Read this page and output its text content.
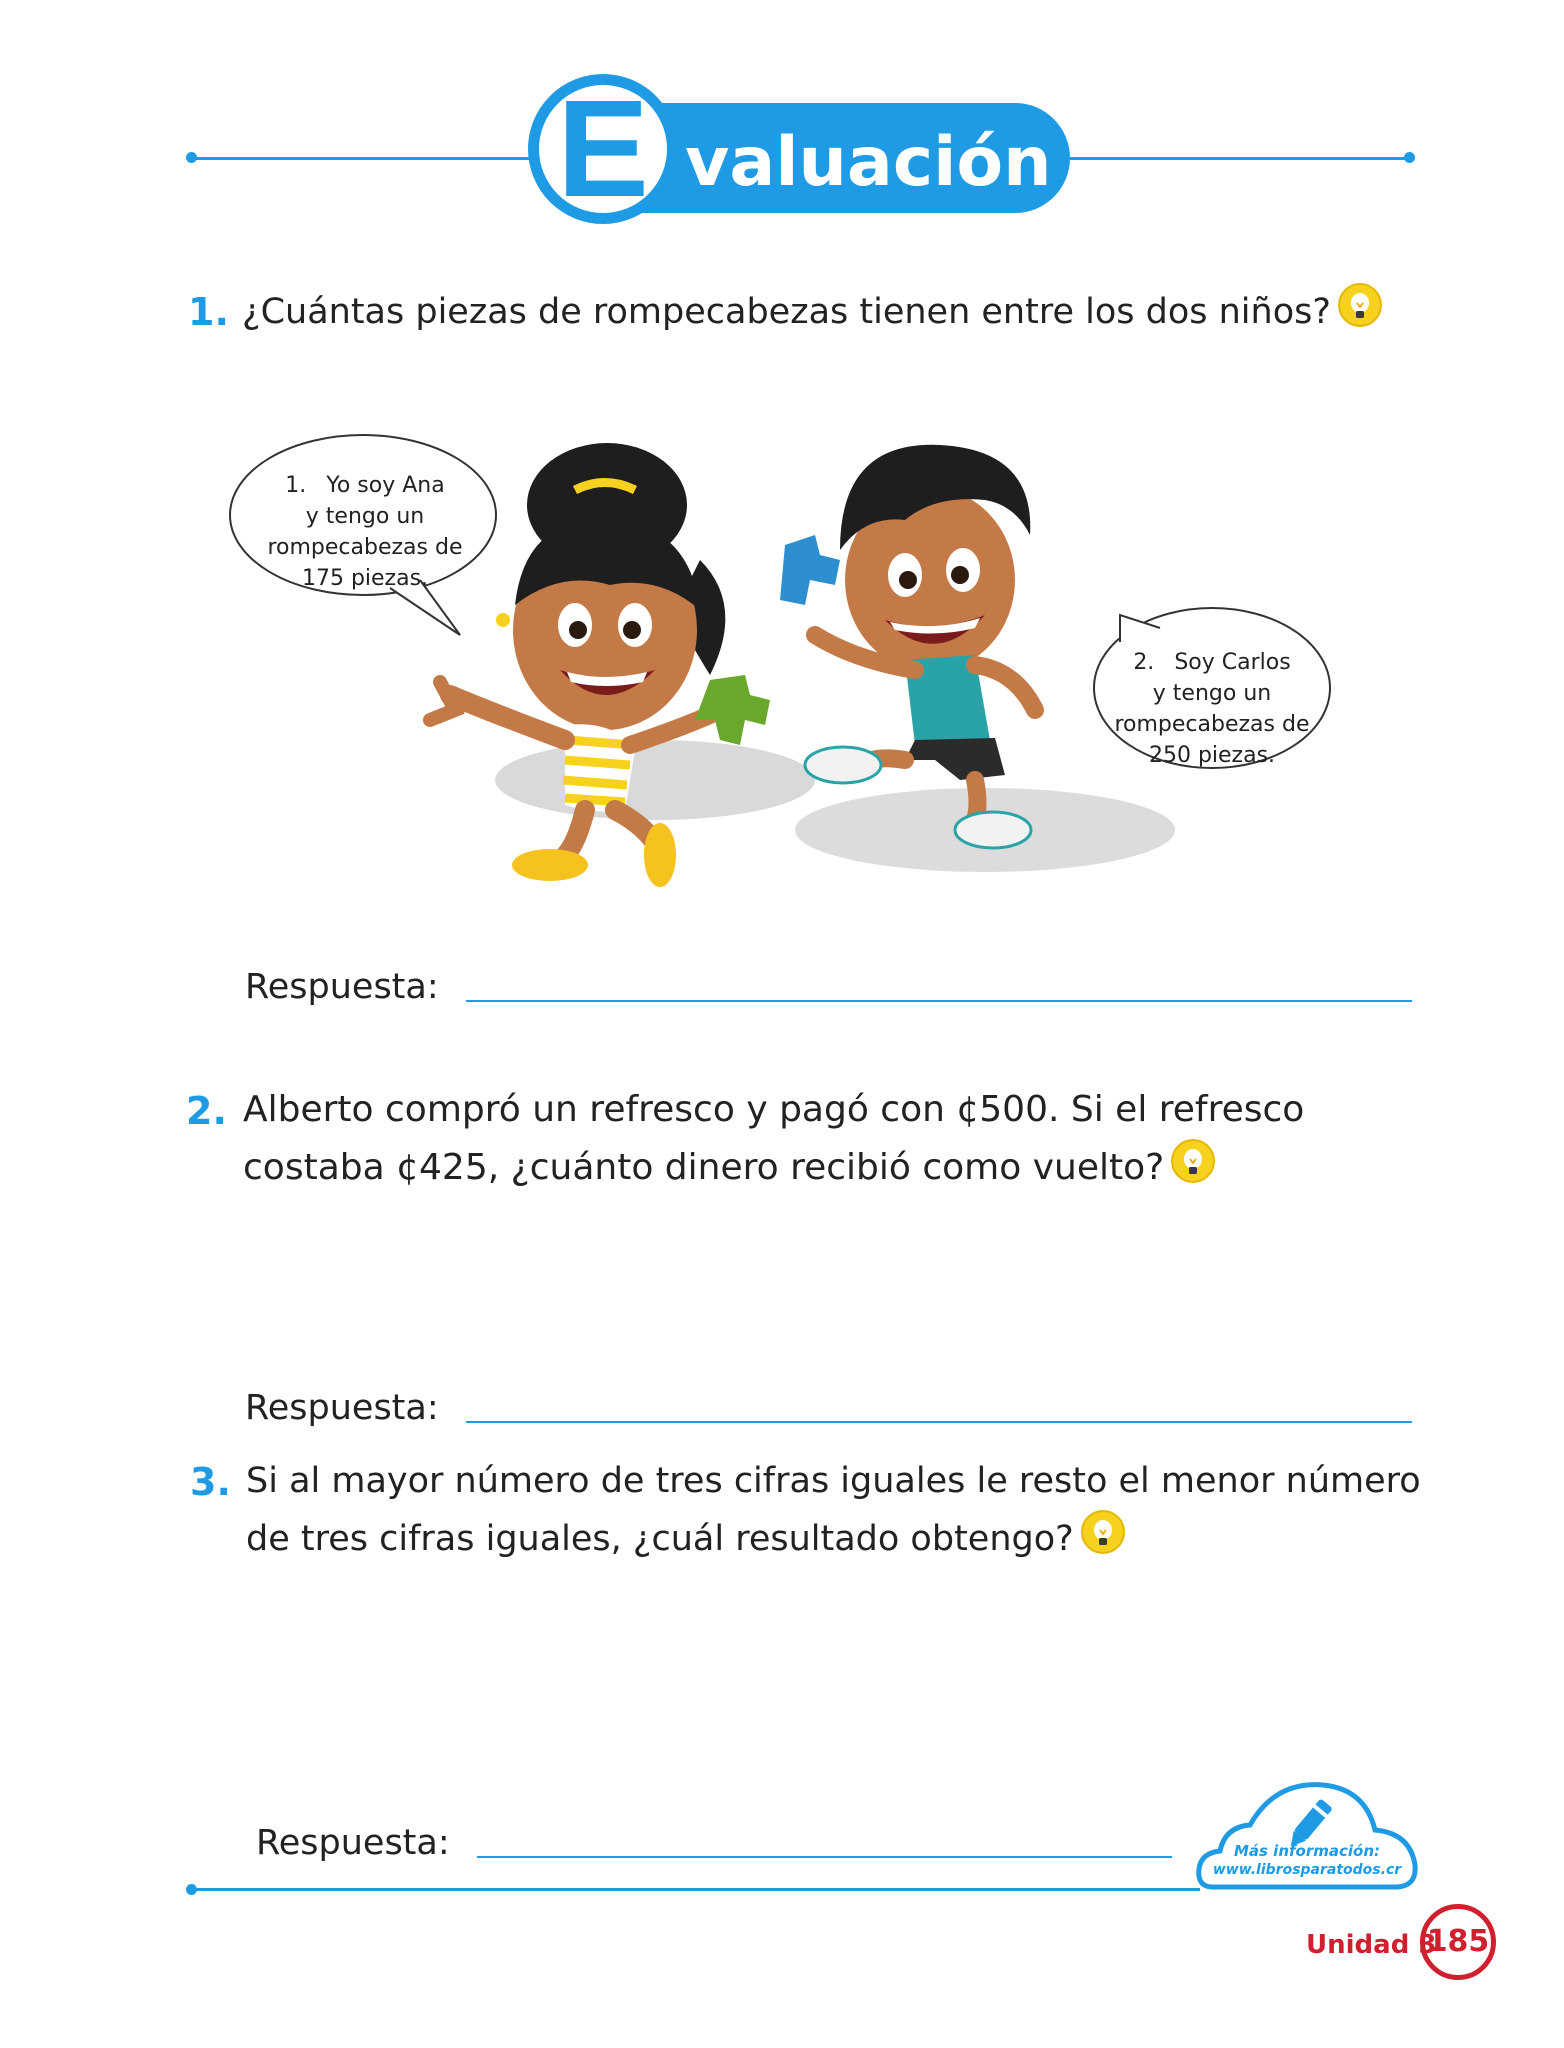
E valuación
1. ¿Cuántas piezas de rompecabezas tienen entre los dos niños?
1. Yo soy Ana
y tengo un
rompecabezas de
175 piezas.
2. Soy Carlos
y tengo un
rompecabezas de
250 piezas.
Respuesta:
2. Alberto compró un refresco y pagó con ¢500. Si el refresco
costaba ¢425, ¿cuánto dinero recibió como vuelto?
Respuesta:
3. Si al mayor número de tres cifras iguales le resto el menor número
de tres cifras iguales, ¿cuál resultado obtengo?
Respuesta:	Más información:
www.librosparatodos.cr
Unidad 3
185
